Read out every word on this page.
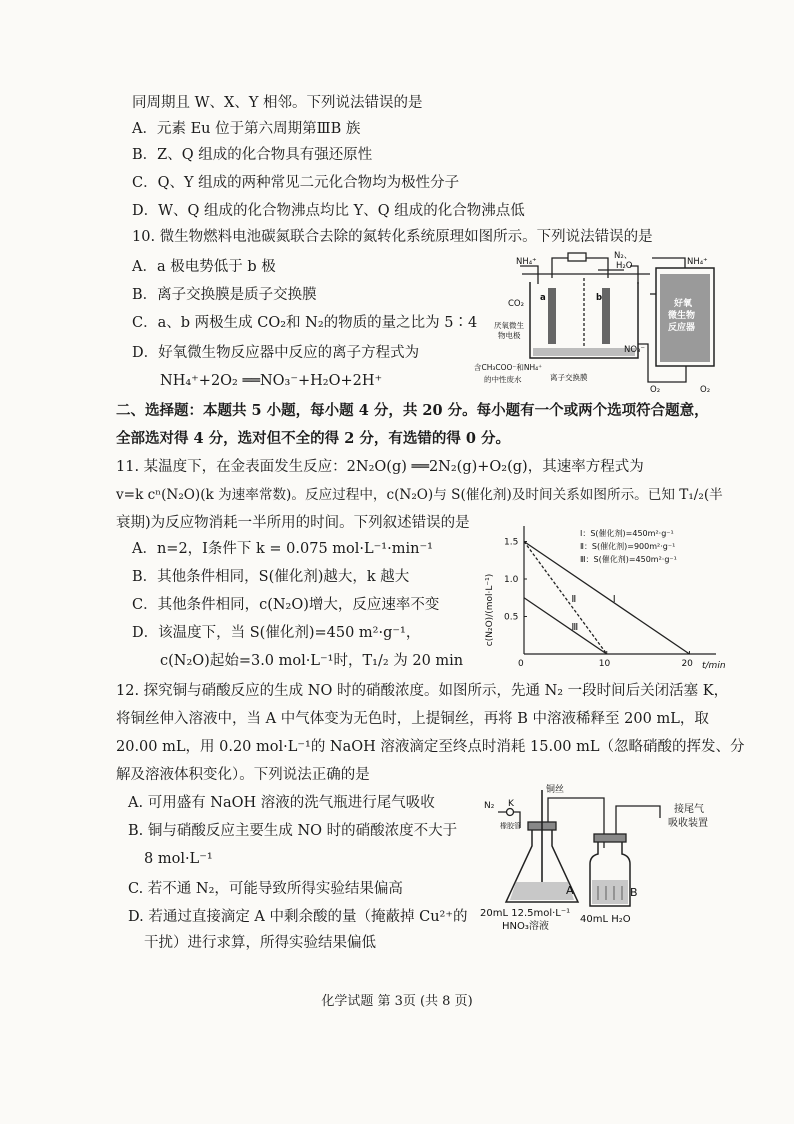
同周期且 W、X、Y 相邻。下列说法错误的是
A．元素 Eu 位于第六周期第ⅢB 族
B．Z、Q 组成的化合物具有强还原性
C．Q、Y 组成的两种常见二元化合物均为极性分子
D．W、Q 组成的化合物沸点均比 Y、Q 组成的化合物沸点低
10. 微生物燃料电池碳氮联合去除的氮转化系统原理如图所示。下列说法错误的是
A．a 极电势低于 b 极
B．离子交换膜是质子交换膜
C．a、b 两极生成 CO₂和 N₂的物质的量之比为 5∶4
D．好氧微生物反应器中反应的离子方程式为
NH₄⁺+2O₂ ══NO₃⁻+H₂O+2H⁺
NH₄⁺
N₂、
H₂O	NH₄⁺
CO₂
a	b
厌氧微生
物电极
含CH₃COO⁻和NH₄⁺
的中性废水	离子交换膜
NO₃⁻
好氧
微生物
反应器
O₂	O₂
二、选择题：本题共 5 小题，每小题 4 分，共 20 分。每小题有一个或两个选项符合题意，
全部选对得 4 分，选对但不全的得 2 分，有选错的得 0 分。
11. 某温度下，在金表面发生反应：2N₂O(g) ══2N₂(g)+O₂(g)，其速率方程式为
v=k cⁿ(N₂O)(k 为速率常数)。反应过程中，c(N₂O)与 S(催化剂)及时间关系如图所示。已知 T₁/₂(半
衰期)为反应物消耗一半所用的时间。下列叙述错误的是
A．n=2，Ⅰ条件下 k = 0.075 mol·L⁻¹·min⁻¹
B．其他条件相同，S(催化剂)越大，k 越大
C．其他条件相同，c(N₂O)增大，反应速率不变
D．该温度下，当 S(催化剂)=450 m²·g⁻¹，
c(N₂O)起始=3.0 mol·L⁻¹时，T₁/₂ 为 20 min
Ⅰ
Ⅱ
Ⅲ
0	10	20
0.5
1.0
1.5
Ⅰ：S(催化剂)=450m²·g⁻¹
Ⅱ：S(催化剂)=900m²·g⁻¹
Ⅲ：S(催化剂)=450m²·g⁻¹
c(N₂O)/(mol·L⁻¹)
t/min
12. 探究铜与硝酸反应的生成 NO 时的硝酸浓度。如图所示，先通 N₂ 一段时间后关闭活塞 K，
将铜丝伸入溶液中，当 A 中气体变为无色时，上提铜丝，再将 B 中溶液稀释至 200 mL，取
20.00 mL，用 0.20 mol·L⁻¹的 NaOH 溶液滴定至终点时消耗 15.00 mL（忽略硝酸的挥发、分
解及溶液体积变化）。下列说法正确的是
A. 可用盛有 NaOH 溶液的洗气瓶进行尾气吸收
B. 铜与硝酸反应主要生成 NO 时的硝酸浓度不大于
8 mol·L⁻¹
C. 若不通 N₂，可能导致所得实验结果偏高
D. 若通过直接滴定 A 中剩余酸的量（掩蔽掉 Cu²⁺的
干扰）进行求算，所得实验结果偏低
N₂ K
铜丝
橡胶管
接尾气
吸收装置
A	B
20mL 12.5mol·L⁻¹
HNO₃溶液
40mL H₂O
化学试题 第 3页 (共 8 页)
